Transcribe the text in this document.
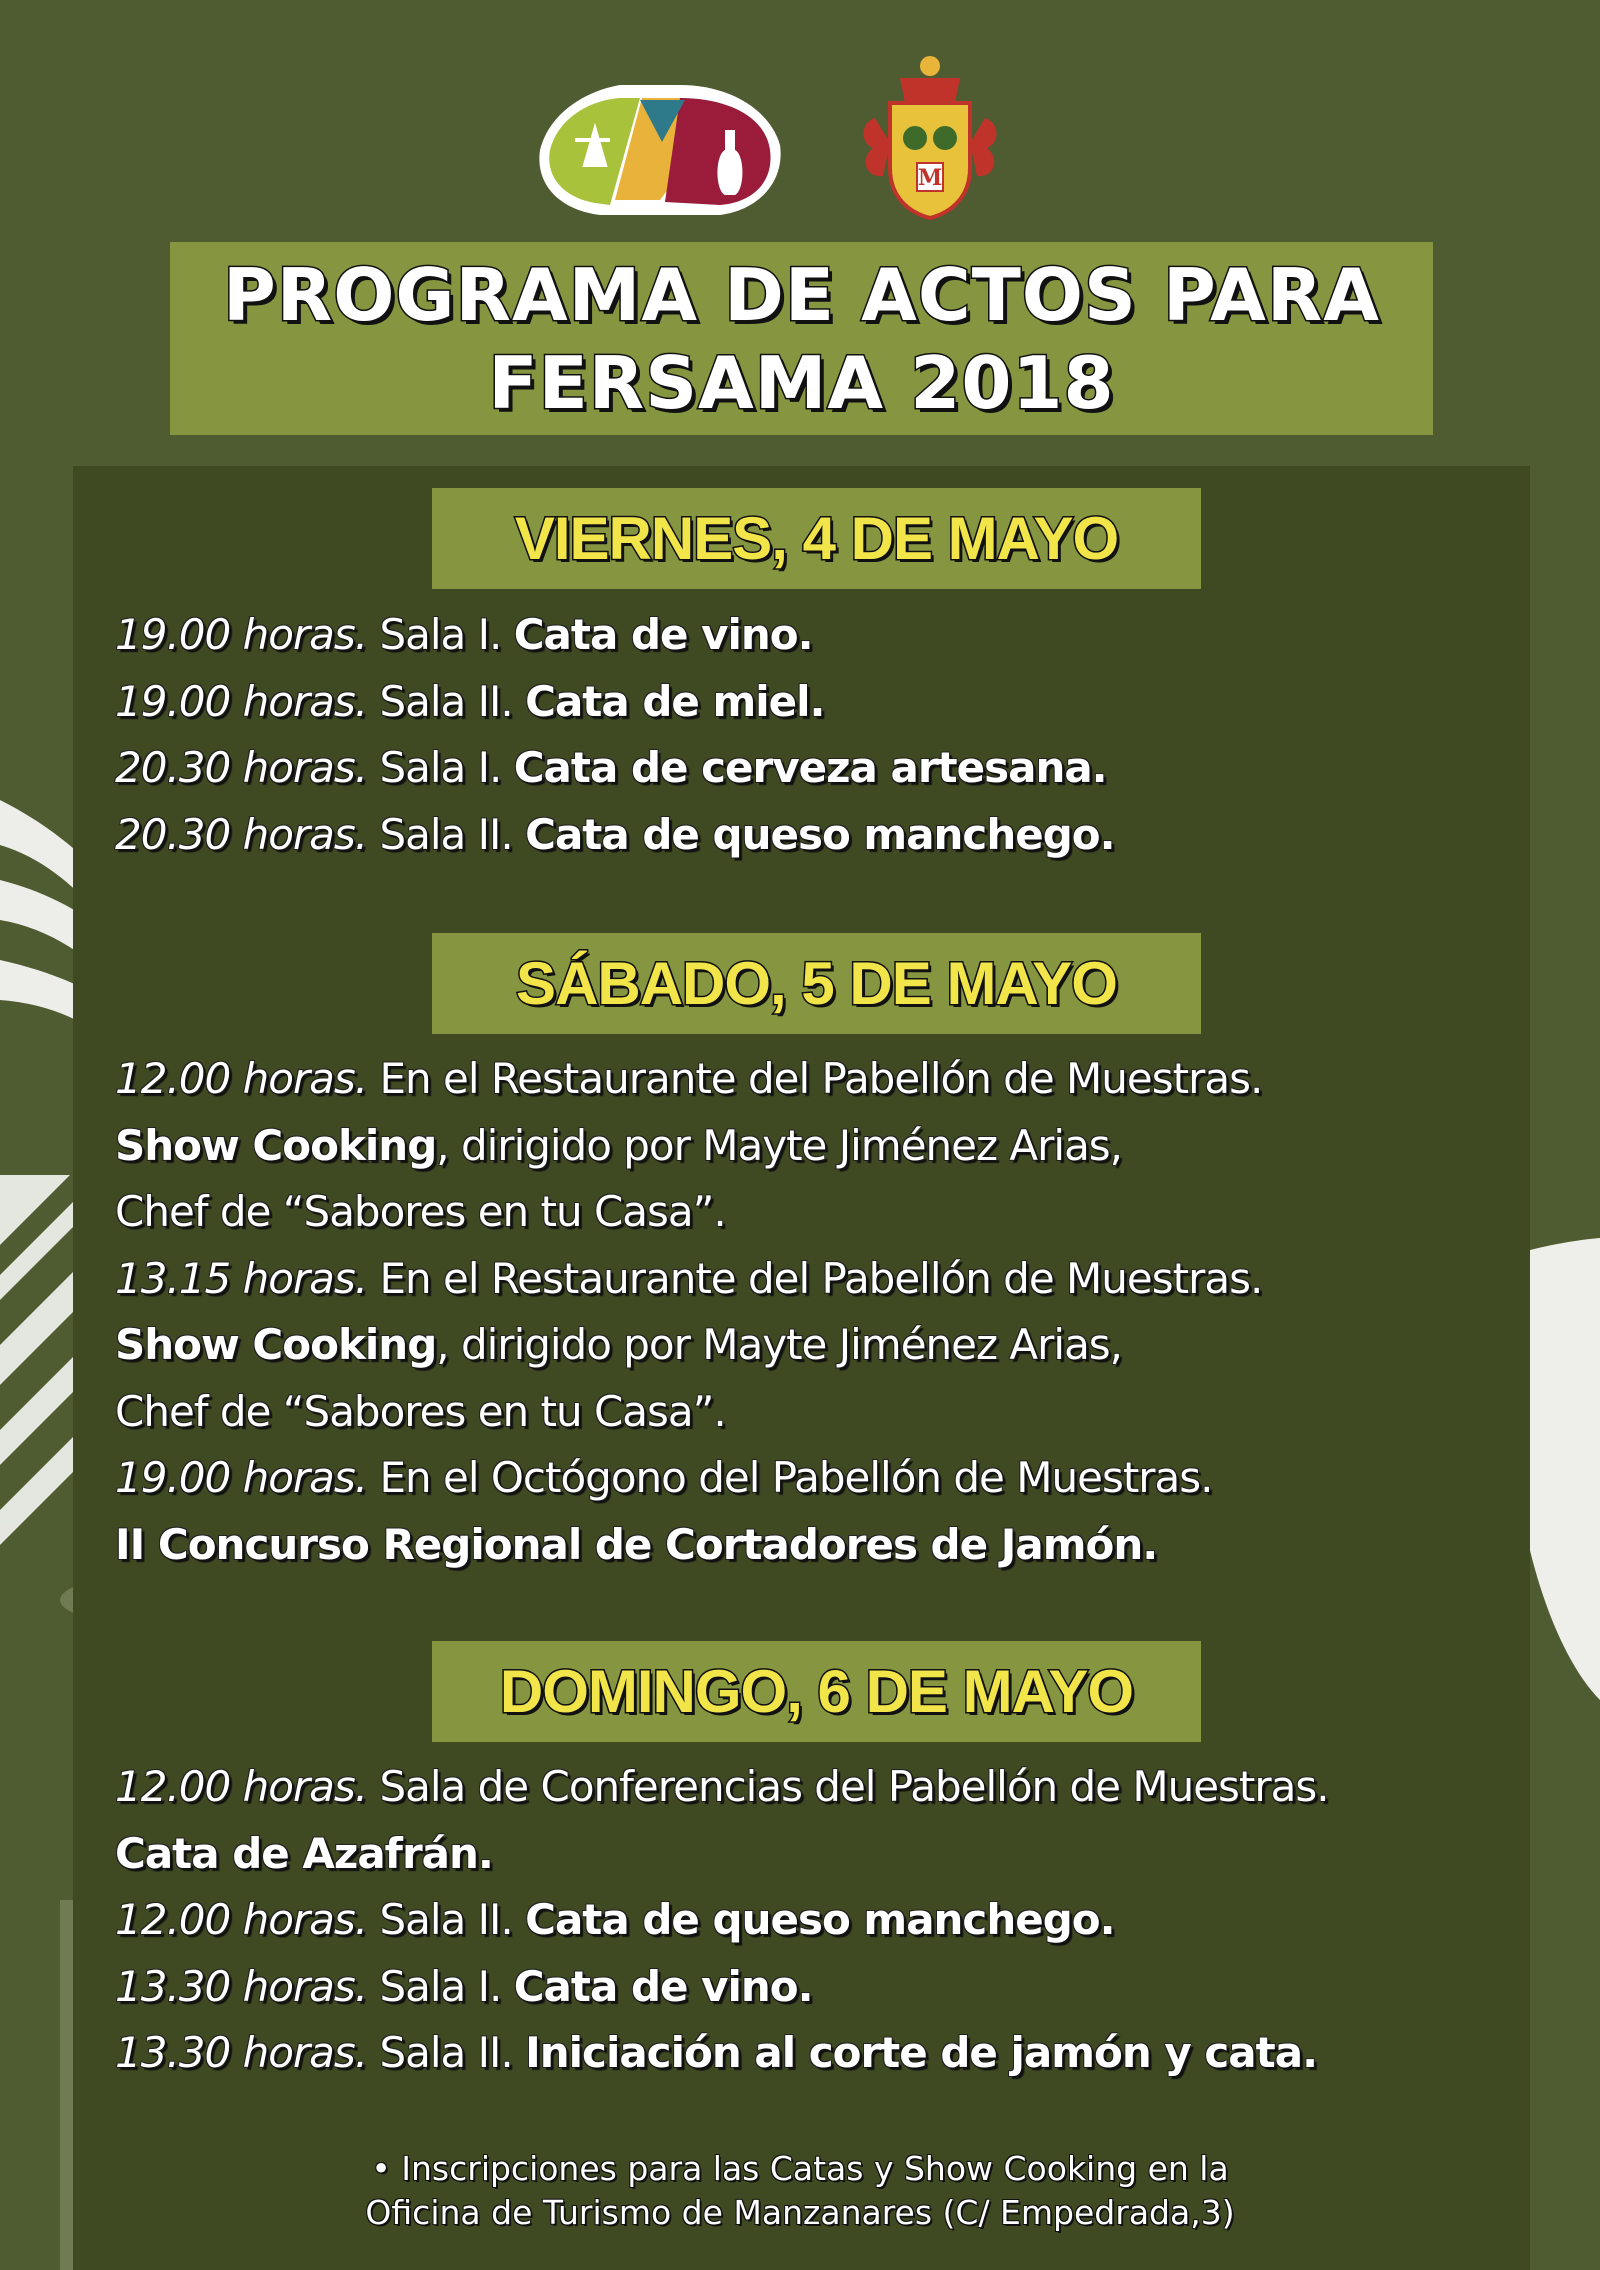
M
PROGRAMA DE ACTOS PARA
FERSAMA 2018
VIERNES, 4 DE MAYO
19.00 horas. Sala I. Cata de vino.
19.00 horas. Sala II. Cata de miel.
20.30 horas. Sala I. Cata de cerveza artesana.
20.30 horas. Sala II. Cata de queso manchego.
SÁBADO, 5 DE MAYO
12.00 horas. En el Restaurante del Pabellón de Muestras.
Show Cooking, dirigido por Mayte Jiménez Arias,
Chef de “Sabores en tu Casa”.
13.15 horas. En el Restaurante del Pabellón de Muestras.
Show Cooking, dirigido por Mayte Jiménez Arias,
Chef de “Sabores en tu Casa”.
19.00 horas. En el Octógono del Pabellón de Muestras.
II Concurso Regional de Cortadores de Jamón.
DOMINGO, 6 DE MAYO
12.00 horas. Sala de Conferencias del Pabellón de Muestras.
Cata de Azafrán.
12.00 horas. Sala II. Cata de queso manchego.
13.30 horas. Sala I. Cata de vino.
13.30 horas. Sala II. Iniciación al corte de jamón y cata.
• Inscripciones para las Catas y Show Cooking en la
Oficina de Turismo de Manzanares (C/ Empedrada,3)
